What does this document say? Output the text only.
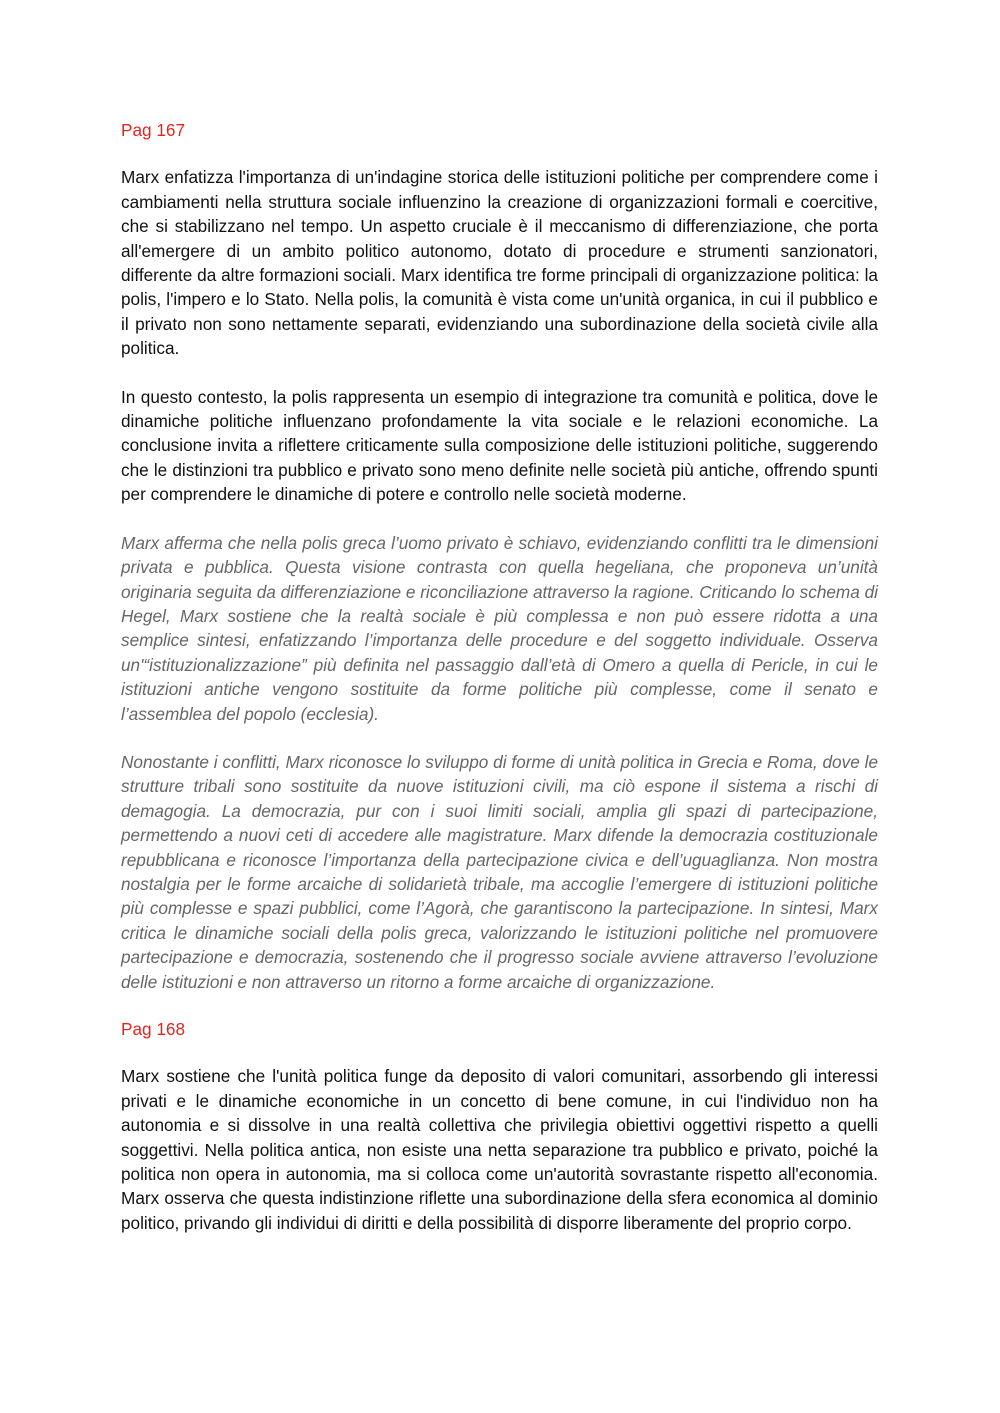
Pag 167

Marx enfatizza l'importanza di un'indagine storica delle istituzioni politiche per comprendere come i cambiamenti nella struttura sociale influenzino la creazione di organizzazioni formali e coercitive, che si stabilizzano nel tempo. Un aspetto cruciale è il meccanismo di differenziazione, che porta all'emergere di un ambito politico autonomo, dotato di procedure e strumenti sanzionatori, differente da altre formazioni sociali. Marx identifica tre forme principali di organizzazione politica: la polis, l'impero e lo Stato. Nella polis, la comunità è vista come un'unità organica, in cui il pubblico e il privato non sono nettamente separati, evidenziando una subordinazione della società civile alla politica.

In questo contesto, la polis rappresenta un esempio di integrazione tra comunità e politica, dove le dinamiche politiche influenzano profondamente la vita sociale e le relazioni economiche. La conclusione invita a riflettere criticamente sulla composizione delle istituzioni politiche, suggerendo che le distinzioni tra pubblico e privato sono meno definite nelle società più antiche, offrendo spunti per comprendere le dinamiche di potere e controllo nelle società moderne.

Marx afferma che nella polis greca l’uomo privato è schiavo, evidenziando conflitti tra le dimensioni privata e pubblica. Questa visione contrasta con quella hegeliana, che proponeva un’unità originaria seguita da differenziazione e riconciliazione attraverso la ragione. Criticando lo schema di Hegel, Marx sostiene che la realtà sociale è più complessa e non può essere ridotta a una semplice sintesi, enfatizzando l’importanza delle procedure e del soggetto individuale. Osserva un'“istituzionalizzazione” più definita nel passaggio dall’età di Omero a quella di Pericle, in cui le istituzioni antiche vengono sostituite da forme politiche più complesse, come il senato e l’assemblea del popolo (ecclesia).

Nonostante i conflitti, Marx riconosce lo sviluppo di forme di unità politica in Grecia e Roma, dove le strutture tribali sono sostituite da nuove istituzioni civili, ma ciò espone il sistema a rischi di demagogia. La democrazia, pur con i suoi limiti sociali, amplia gli spazi di partecipazione, permettendo a nuovi ceti di accedere alle magistrature. Marx difende la democrazia costituzionale repubblicana e riconosce l’importanza della partecipazione civica e dell’uguaglianza. Non mostra nostalgia per le forme arcaiche di solidarietà tribale, ma accoglie l’emergere di istituzioni politiche più complesse e spazi pubblici, come l’Agorà, che garantiscono la partecipazione. In sintesi, Marx critica le dinamiche sociali della polis greca, valorizzando le istituzioni politiche nel promuovere partecipazione e democrazia, sostenendo che il progresso sociale avviene attraverso l’evoluzione delle istituzioni e non attraverso un ritorno a forme arcaiche di organizzazione.

Pag 168

Marx sostiene che l'unità politica funge da deposito di valori comunitari, assorbendo gli interessi privati e le dinamiche economiche in un concetto di bene comune, in cui l'individuo non ha autonomia e si dissolve in una realtà collettiva che privilegia obiettivi oggettivi rispetto a quelli soggettivi. Nella politica antica, non esiste una netta separazione tra pubblico e privato, poiché la politica non opera in autonomia, ma si colloca come un'autorità sovrastante rispetto all'economia. Marx osserva che questa indistinzione riflette una subordinazione della sfera economica al dominio politico, privando gli individui di diritti e della possibilità di disporre liberamente del proprio corpo.
